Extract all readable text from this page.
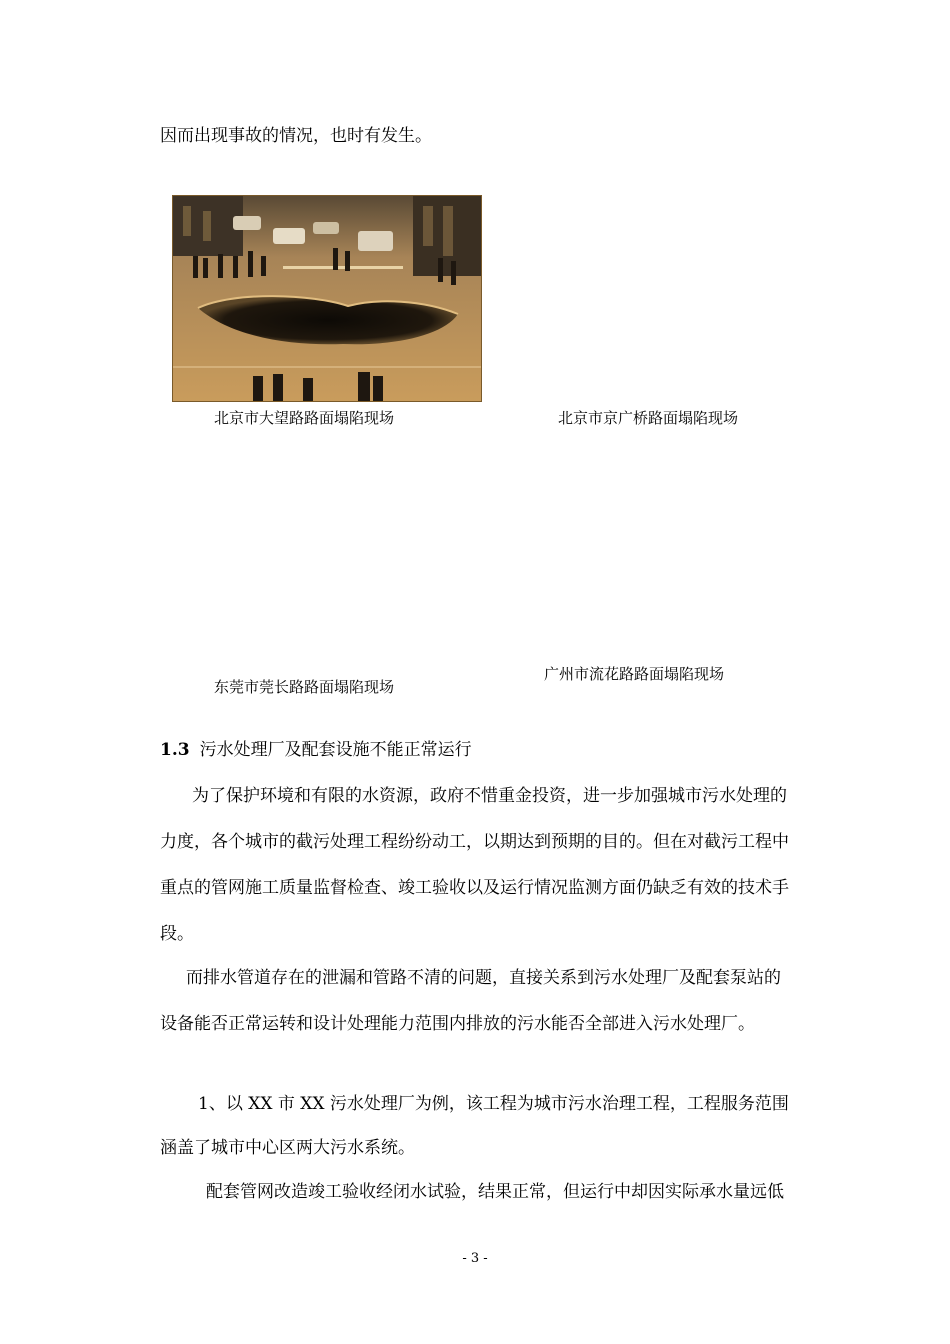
因而出现事故的情况，也时有发生。
北京市大望路路面塌陷现场	北京市京广桥路面塌陷现场
东莞市莞长路路面塌陷现场
广州市流花路路面塌陷现场
1.3 污水处理厂及配套设施不能正常运行
为了保护环境和有限的水资源，政府不惜重金投资，进一步加强城市污水处理的
力度，各个城市的截污处理工程纷纷动工，以期达到预期的目的。但在对截污工程中
重点的管网施工质量监督检查、竣工验收以及运行情况监测方面仍缺乏有效的技术手
段。
而排水管道存在的泄漏和管路不清的问题，直接关系到污水处理厂及配套泵站的
设备能否正常运转和设计处理能力范围内排放的污水能否全部进入污水处理厂。
1、以 XX 市 XX 污水处理厂为例，该工程为城市污水治理工程，工程服务范围
涵盖了城市中心区两大污水系统。
配套管网改造竣工验收经闭水试验，结果正常，但运行中却因实际承水量远低
- 3 -
